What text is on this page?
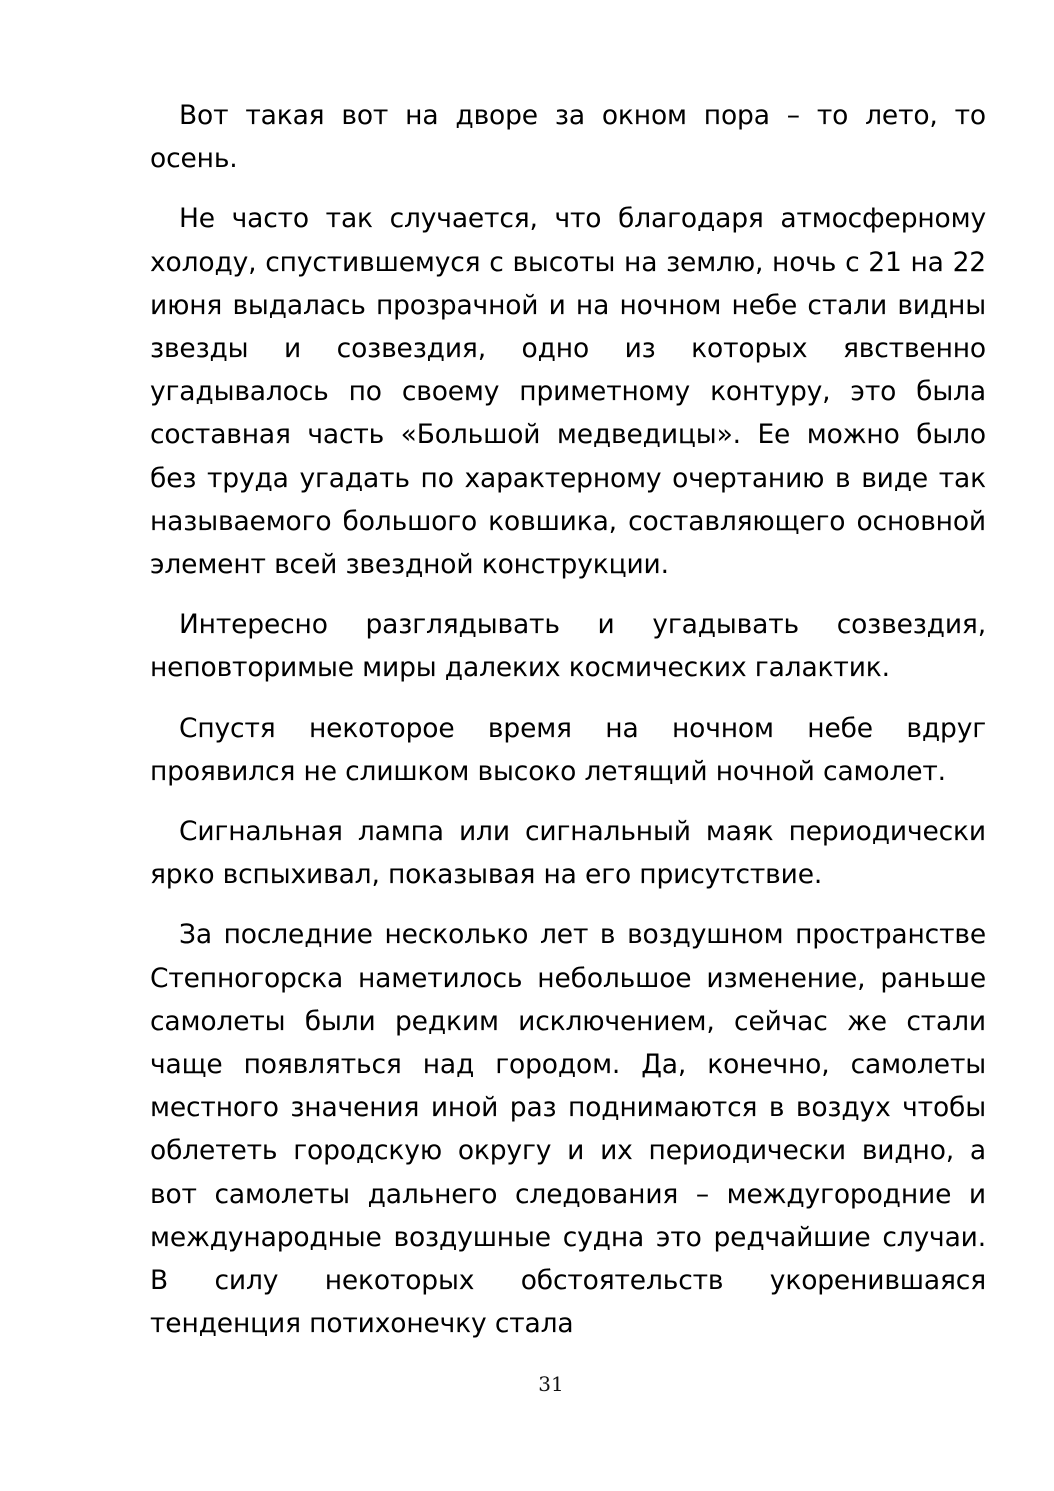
Вот такая вот на дворе за окном пора – то лето, то осень.

Не часто так случается, что благодаря атмосферному холоду, спустившемуся с высоты на землю, ночь с 21 на 22 июня выдалась прозрачной и на ночном небе стали видны звезды и созвездия, одно из которых явственно угадывалось по своему приметному контуру, это была составная часть «Большой медведицы». Ее можно было без труда угадать по характерному очертанию в виде так называемого большого ковшика, составляющего основной элемент всей звездной конструкции.

Интересно разглядывать и угадывать созвездия, неповторимые миры далеких космических галактик.

Спустя некоторое время на ночном небе вдруг проявился не слишком высоко летящий ночной самолет.

Сигнальная лампа или сигнальный маяк периодически ярко вспыхивал, показывая на его присутствие.

За последние несколько лет в воздушном пространстве Степногорска наметилось небольшое изменение, раньше самолеты были редким исключением, сейчас же стали чаще появляться над городом. Да, конечно, самолеты местного значения иной раз поднимаются в воздух чтобы облететь городскую округу и их периодически видно, а вот самолеты дальнего следования – междугородние и международные воздушные судна это редчайшие случаи. В силу некоторых обстоятельств укоренившаяся тенденция потихонечку стала

31
